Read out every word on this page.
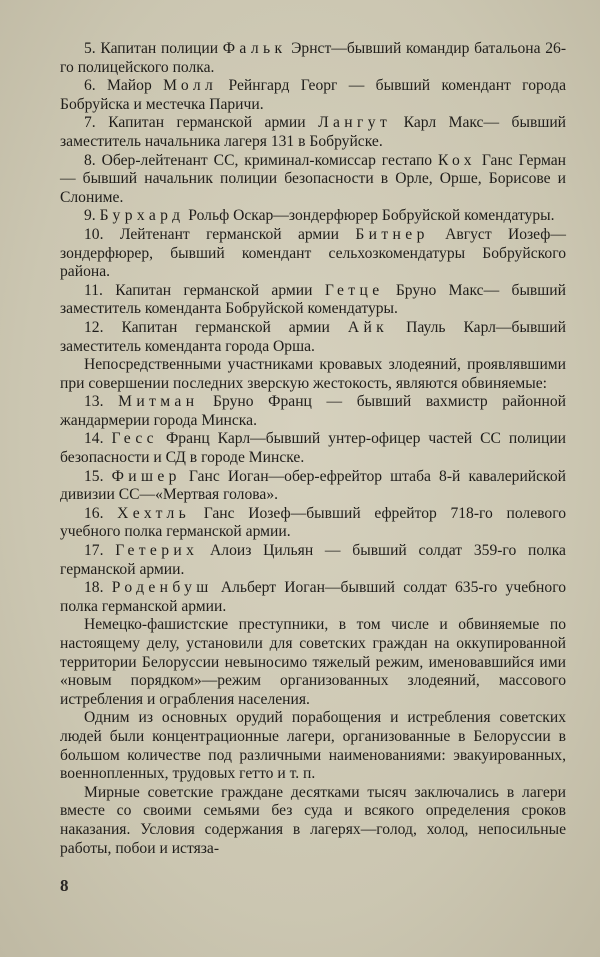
5. Капитан полиции Фальк Эрнст—бывший командир батальона 26-го полицейского полка.

6. Майор Молл Рейнгард Георг — бывший комендант города Бобруйска и местечка Паричи.

7. Капитан германской армии Лангут Карл Макс— бывший заместитель начальника лагеря 131 в Бобруйске.

8. Обер-лейтенант СС, криминал-комиссар гестапо Кох Ганс Герман — бывший начальник полиции безопасности в Орле, Орше, Борисове и Слониме.

9. Бурхард Рольф Оскар—зондерфюрер Бобруйской комендатуры.

10. Лейтенант германской армии Битнер Август Иозеф—зондерфюрер, бывший комендант сельхозкомендатуры Бобруйского района.

11. Капитан германской армии Гетце Бруно Макс— бывший заместитель коменданта Бобруйской комендатуры.

12. Капитан германской армии Айк Пауль Карл—бывший заместитель коменданта города Орша.

Непосредственными участниками кровавых злодеяний, проявлявшими при совершении последних зверскую жестокость, являются обвиняемые:

13. Митман Бруно Франц — бывший вахмистр районной жандармерии города Минска.

14. Гесс Франц Карл—бывший унтер-офицер частей СС полиции безопасности и СД в городе Минске.

15. Фишер Ганс Иоган—обер-ефрейтор штаба 8-й кавалерийской дивизии СС—«Мертвая голова».

16. Хехтль Ганс Иозеф—бывший ефрейтор 718-го полевого учебного полка германской армии.

17. Гетерих Алоиз Цильян — бывший солдат 359-го полка германской армии.

18. Роденбуш Альберт Иоган—бывший солдат 635-го учебного полка германской армии.

Немецко-фашистские преступники, в том числе и обвиняемые по настоящему делу, установили для советских граждан на оккупированной территории Белоруссии невыносимо тяжелый режим, именовавшийся ими «новым порядком»—режим организованных злодеяний, массового истребления и ограбления населения.

Одним из основных орудий порабощения и истребления советских людей были концентрационные лагери, организованные в Белоруссии в большом количестве под различными наименованиями: эвакуированных, военнопленных, трудовых гетто и т. п.

Мирные советские граждане десятками тысяч заключались в лагери вместе со своими семьями без суда и всякого определения сроков наказания. Условия содержания в лагерях—голод, холод, непосильные работы, побои и истяза-

8
